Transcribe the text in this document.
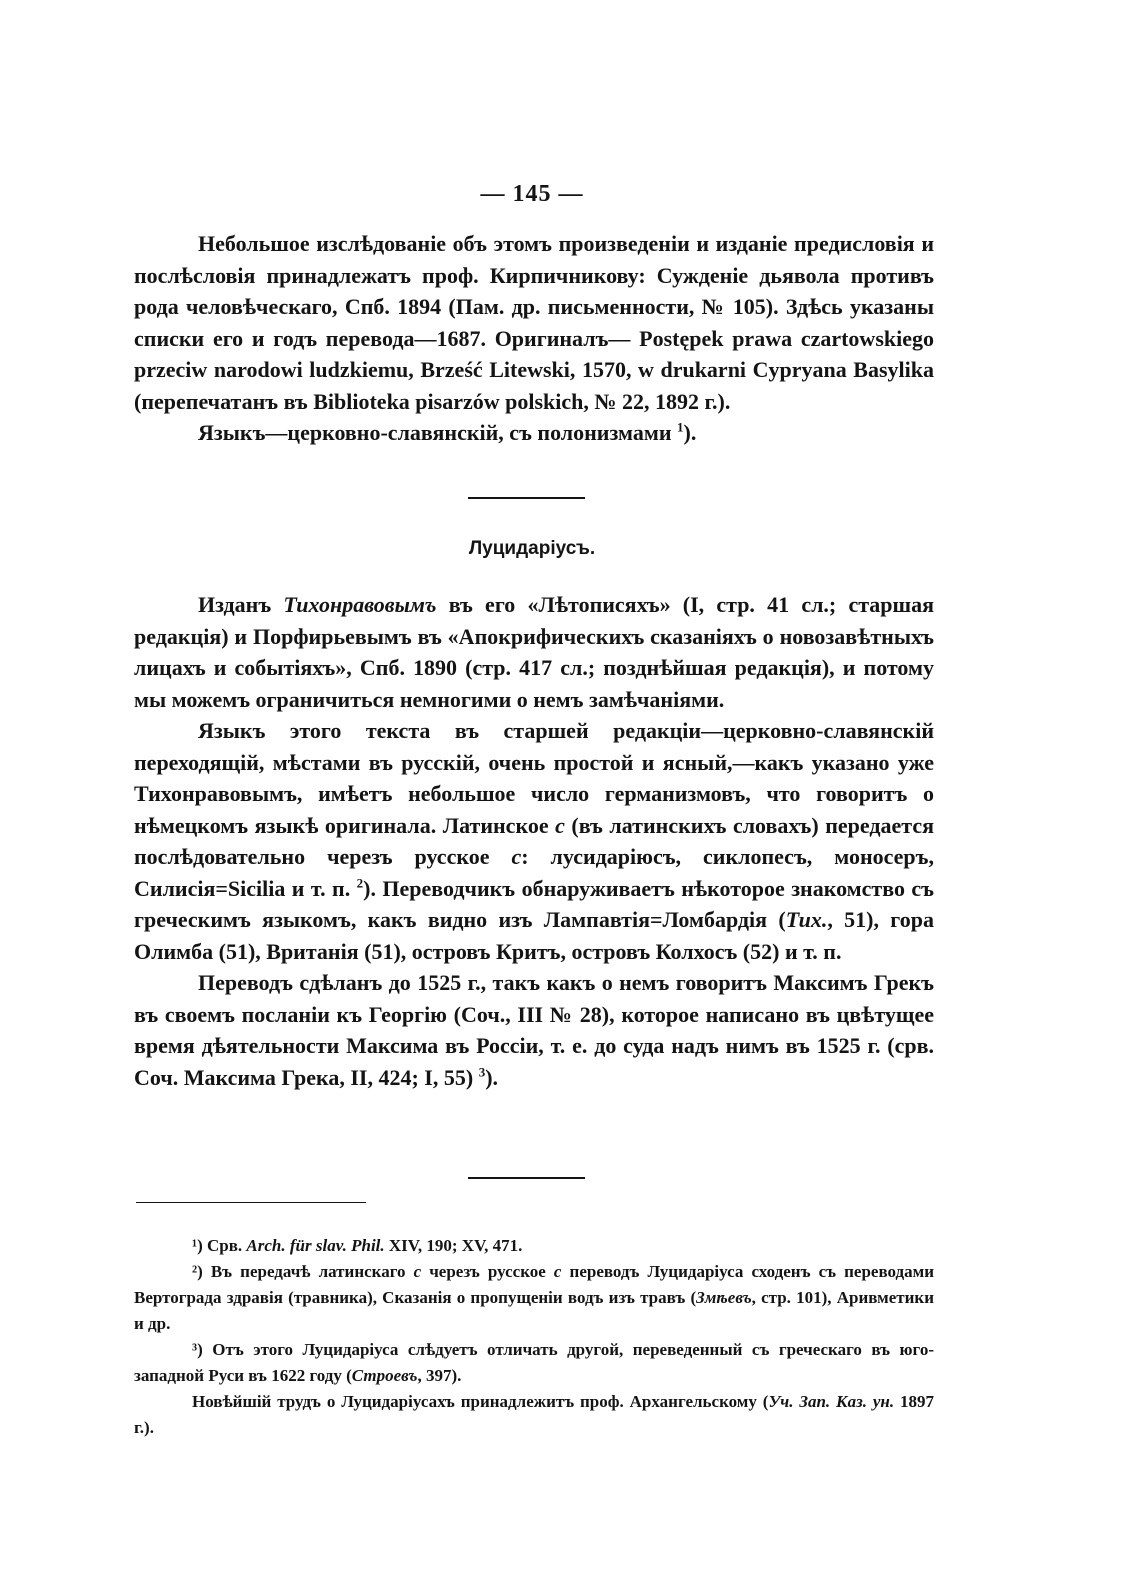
— 145 —

Небольшое изслѣдованіе объ этомъ произведеніи и изданіе предисловія и послѣсловія принадлежатъ проф. Кирпичникову: Сужденіе дьявола противъ рода человѣческаго, Спб. 1894 (Пам. др. письменности, № 105). Здѣсь указаны списки его и годъ перевода—1687. Оригиналъ— Postępek prawa czartowskiego przeciw narodowi ludzkiemu, Brześć Litewski, 1570, w drukarni Cypryana Basylika (перепечатанъ въ Biblioteka pisarzów polskich, № 22, 1892 г.).

Языкъ—церковно-славянскій, съ полонизмами $^1$).

Луцидаріусъ.

Изданъ Тихонравовымъ въ его «Лѣтописяхъ» (I, стр. 41 сл.; старшая редакція) и Порфирьевымъ въ «Апокрифическихъ сказаніяхъ о новозавѣтныхъ лицахъ и событіяхъ», Спб. 1890 (стр. 417 сл.; позднѣйшая редакція), и потому мы можемъ ограничиться немногими о немъ замѣчаніями.

Языкъ этого текста въ старшей редакціи—церковно-славянскій переходящій, мѣстами въ русскій, очень простой и ясный,—какъ указано уже Тихонравовымъ, имѣетъ небольшое число германизмовъ, что говоритъ о нѣмецкомъ языкѣ оригинала. Латинское c (въ латинскихъ словахъ) передается послѣдовательно черезъ русское с: лусидаріюсъ, сиклопесъ, моносеръ, Силисія=Sicilia и т. п. $^2$). Переводчикъ обнаруживаетъ нѣкоторое знакомство съ греческимъ языкомъ, какъ видно изъ Лампавтія=Ломбардія (Тих., 51), гора Олимба (51), Вританія (51), островъ Критъ, островъ Колхосъ (52) и т. п.

Переводъ сдѣланъ до 1525 г., такъ какъ о немъ говоритъ Максимъ Грекъ въ своемъ посланіи къ Георгію (Соч., III № 28), которое написано въ цвѣтущее время дѣятельности Максима въ Россіи, т. е. до суда надъ нимъ въ 1525 г. (срв. Соч. Максима Грека, II, 424; I, 55) $^3$).

¹) Срв. Arch. für slav. Phil. XIV, 190; XV, 471.

²) Въ передачѣ латинскаго c черезъ русское с переводъ Луцидаріуса сходенъ съ переводами Вертограда здравія (травника), Сказанія о пропущеніи водъ изъ травъ (Змѣевъ, стр. 101), Аривметики и др.

³) Отъ этого Луцидаріуса слѣдуетъ отличать другой, переведенный съ греческаго въ юго-западной Руси въ 1622 году (Строевъ, 397).

Новѣйшій трудъ о Луцидаріусахъ принадлежитъ проф. Архангельскому (Уч. Зап. Каз. ун. 1897 г.).
